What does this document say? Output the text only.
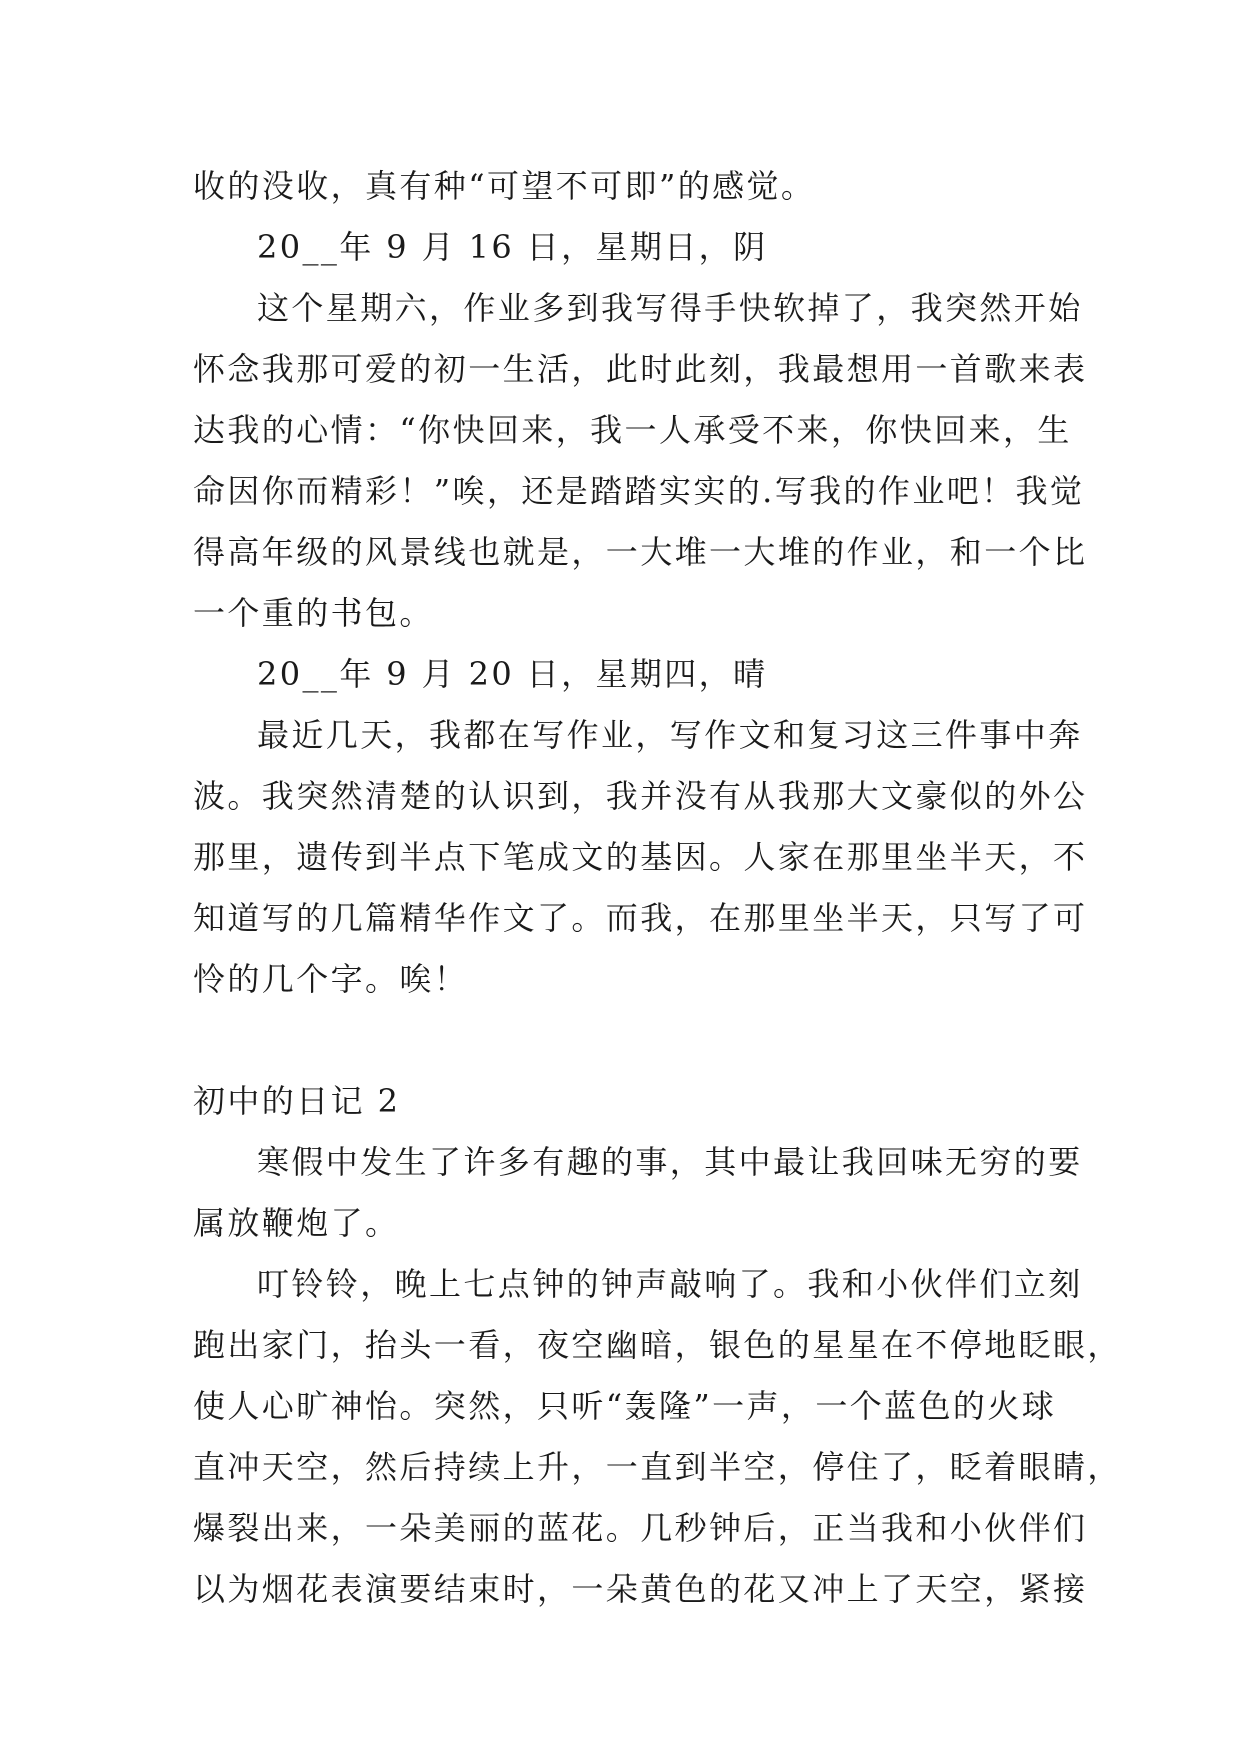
收的没收，真有种“可望不可即”的感觉。
20__年 9 月 16 日，星期日，阴
这个星期六，作业多到我写得手快软掉了，我突然开始
怀念我那可爱的初一生活，此时此刻，我最想用一首歌来表
达我的心情：“你快回来，我一人承受不来，你快回来，生
命因你而精彩！”唉，还是踏踏实实的.写我的作业吧！我觉
得高年级的风景线也就是，一大堆一大堆的作业，和一个比
一个重的书包。
20__年 9 月 20 日，星期四，晴
最近几天，我都在写作业，写作文和复习这三件事中奔
波。我突然清楚的认识到，我并没有从我那大文豪似的外公
那里，遗传到半点下笔成文的基因。人家在那里坐半天，不
知道写的几篇精华作文了。而我，在那里坐半天，只写了可
怜的几个字。唉！
初中的日记 2
寒假中发生了许多有趣的事，其中最让我回味无穷的要
属放鞭炮了。
叮铃铃，晚上七点钟的钟声敲响了。我和小伙伴们立刻
跑出家门，抬头一看，夜空幽暗，银色的星星在不停地眨眼，
使人心旷神怡。突然，只听“轰隆”一声，一个蓝色的火球
直冲天空，然后持续上升，一直到半空，停住了，眨着眼睛，
爆裂出来，一朵美丽的蓝花。几秒钟后，正当我和小伙伴们
以为烟花表演要结束时，一朵黄色的花又冲上了天空，紧接
